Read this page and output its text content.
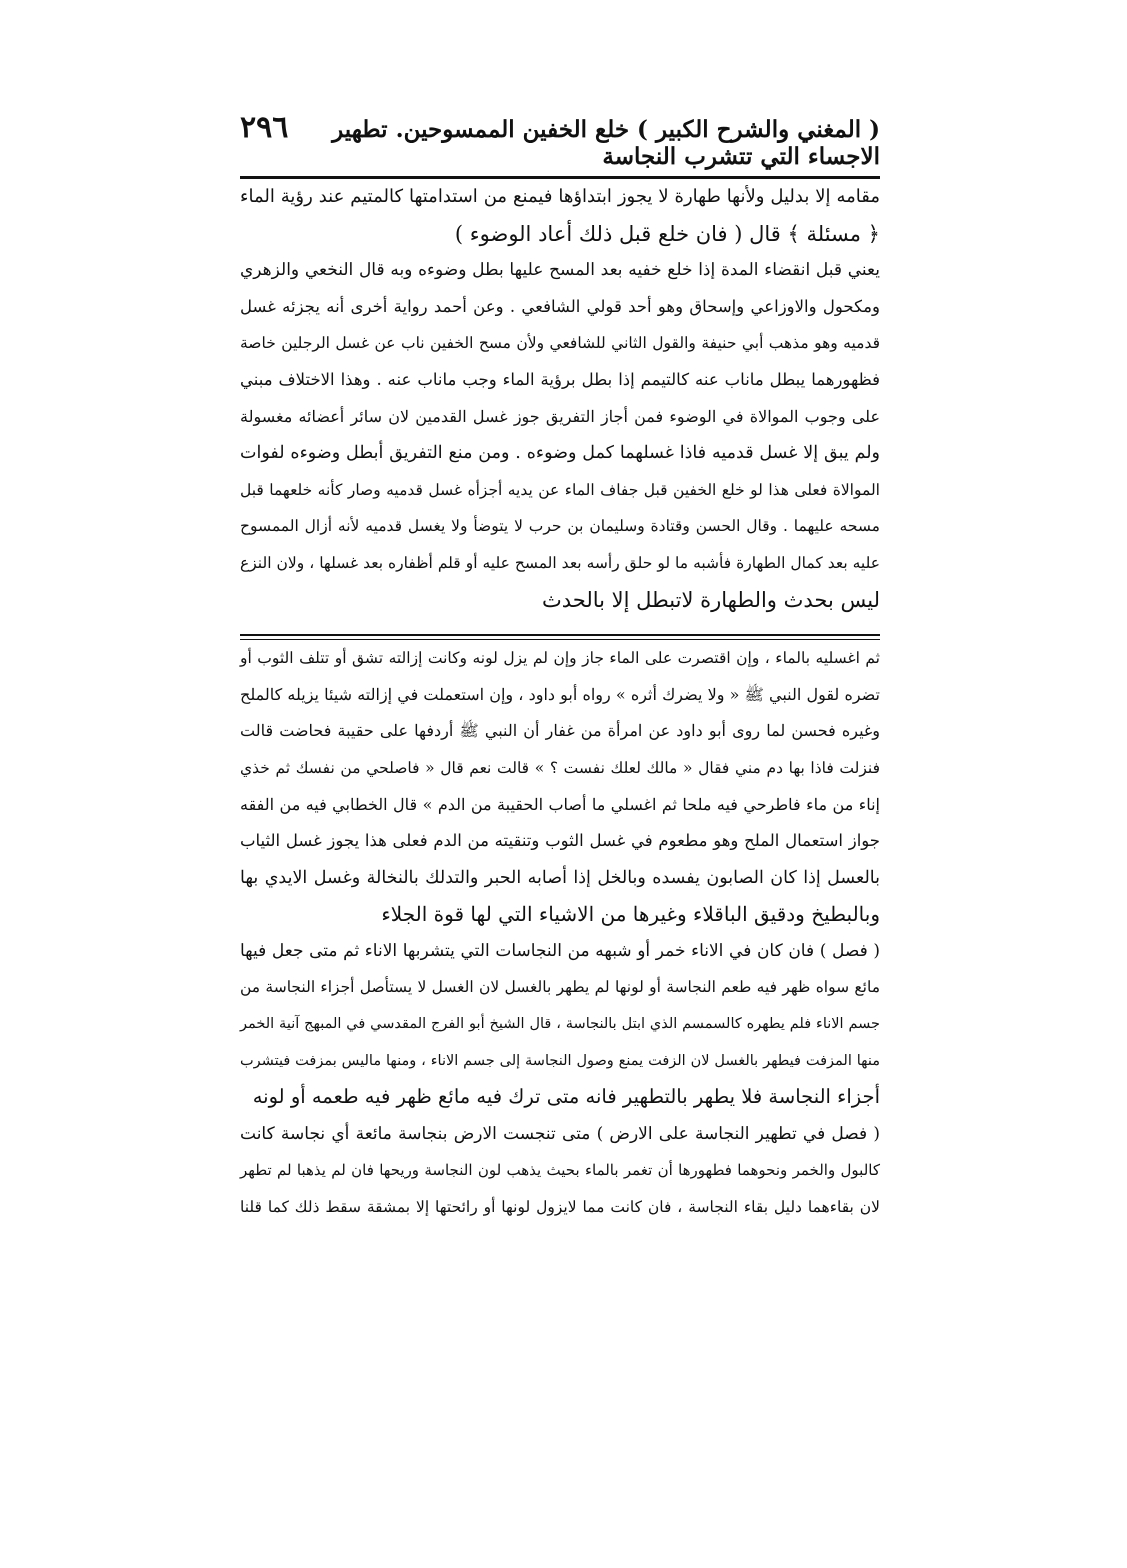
( المغني والشرح الكبير ) خلع الخفين الممسوحين. تطهير الاجساء التي تتشرب النجاسة
٢٩٦
مقامه إلا بدليل ولأنها طهارة لا يجوز ابتداؤها فيمنع من استدامتها كالمتيم عند رؤية الماء
﴿ مسئلة ﴾ قال ( فان خلع قبل ذلك أعاد الوضوء )
يعني قبل انقضاء المدة إذا خلع خفيه بعد المسح عليها بطل وضوءه وبه قال النخعي والزهري
ومكحول والاوزاعي وإسحاق وهو أحد قولي الشافعي . وعن أحمد رواية أخرى أنه يجزئه غسل
قدميه وهو مذهب أبي حنيفة والقول الثاني للشافعي ولأن مسح الخفين ناب عن غسل الرجلين خاصة
فظهورهما يبطل ماناب عنه كالتيمم إذا بطل برؤية الماء وجب ماناب عنه . وهذا الاختلاف مبني
على وجوب الموالاة في الوضوء فمن أجاز التفريق جوز غسل القدمين لان سائر أعضائه مغسولة
ولم يبق إلا غسل قدميه فاذا غسلهما كمل وضوءه . ومن منع التفريق أبطل وضوءه لفوات
الموالاة فعلى هذا لو خلع الخفين قبل جفاف الماء عن يديه أجزأه غسل قدميه وصار كأنه خلعهما قبل
مسحه عليهما . وقال الحسن وقتادة وسليمان بن حرب لا يتوضأ ولا يغسل قدميه لأنه أزال الممسوح
عليه بعد كمال الطهارة فأشبه ما لو حلق رأسه بعد المسح عليه أو قلم أظفاره بعد غسلها ، ولان النزع
ليس بحدث والطهارة لاتبطل إلا بالحدث
ثم اغسليه بالماء ، وإن اقتصرت على الماء جاز وإن لم يزل لونه وكانت إزالته تشق أو تتلف الثوب أو
تضره لقول النبي ﷺ « ولا يضرك أثره » رواه أبو داود ، وإن استعملت في إزالته شيئا يزيله كالملح
وغيره فحسن لما روى أبو داود عن امرأة من غفار أن النبي ﷺ أردفها على حقيبة فحاضت قالت
فنزلت فاذا بها دم مني فقال « مالك لعلك نفست ؟ » قالت نعم قال « فاصلحي من نفسك ثم خذي
إناء من ماء فاطرحي فيه ملحا ثم اغسلي ما أصاب الحقيبة من الدم » قال الخطابي فيه من الفقه
جواز استعمال الملح وهو مطعوم في غسل الثوب وتنقيته من الدم فعلى هذا يجوز غسل الثياب
بالعسل إذا كان الصابون يفسده وبالخل إذا أصابه الحبر والتدلك بالنخالة وغسل الايدي بها
وبالبطيخ ودقيق الباقلاء وغيرها من الاشياء التي لها قوة الجلاء
( فصل ) فان كان في الاناء خمر أو شبهه من النجاسات التي يتشربها الاناء ثم متى جعل فيها
مائع سواه ظهر فيه طعم النجاسة أو لونها لم يطهر بالغسل لان الغسل لا يستأصل أجزاء النجاسة من
جسم الاناء فلم يطهره كالسمسم الذي ابتل بالنجاسة ، قال الشيخ أبو الفرج المقدسي في المبهج آنية الخمر
منها المزفت فيطهر بالغسل لان الزفت يمنع وصول النجاسة إلى جسم الاناء ، ومنها ماليس بمزفت فيتشرب
أجزاء النجاسة فلا يطهر بالتطهير فانه متى ترك فيه مائع ظهر فيه طعمه أو لونه
( فصل في تطهير النجاسة على الارض ) متى تنجست الارض بنجاسة مائعة أي نجاسة كانت
كالبول والخمر ونحوهما فطهورها أن تغمر بالماء بحيث يذهب لون النجاسة وريحها فان لم يذهبا لم تطهر
لان بقاءهما دليل بقاء النجاسة ، فان كانت مما لايزول لونها أو رائحتها إلا بمشقة سقط ذلك كما قلنا
